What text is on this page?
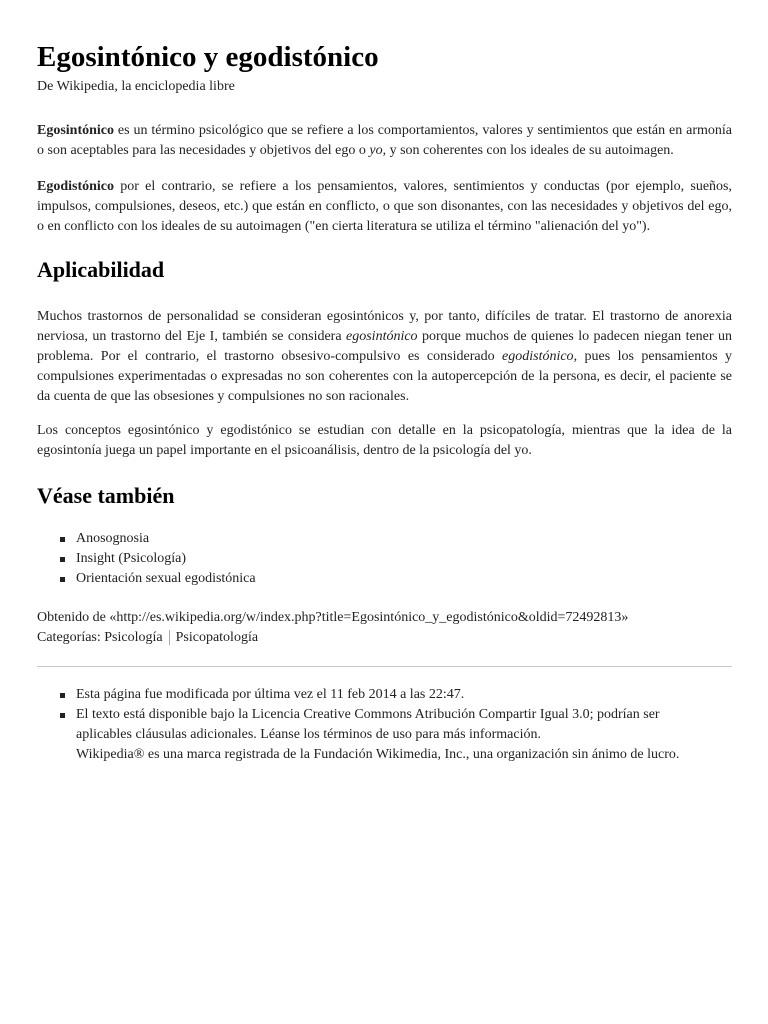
Egosintónico y egodistónico
De Wikipedia, la enciclopedia libre

Egosintónico es un término psicológico que se refiere a los comportamientos, valores y sentimientos que están en armonía o son aceptables para las necesidades y objetivos del ego o yo, y son coherentes con los ideales de su autoimagen.

Egodistónico por el contrario, se refiere a los pensamientos, valores, sentimientos y conductas (por ejemplo, sueños, impulsos, compulsiones, deseos, etc.) que están en conflicto, o que son disonantes, con las necesidades y objetivos del ego, o en conflicto con los ideales de su autoimagen ("en cierta literatura se utiliza el término "alienación del yo").

Aplicabilidad

Muchos trastornos de personalidad se consideran egosintónicos y, por tanto, difíciles de tratar. El trastorno de anorexia nerviosa, un trastorno del Eje I, también se considera egosintónico porque muchos de quienes lo padecen niegan tener un problema. Por el contrario, el trastorno obsesivo-compulsivo es considerado egodistónico, pues los pensamientos y compulsiones experimentadas o expresadas no son coherentes con la autopercepción de la persona, es decir, el paciente se da cuenta de que las obsesiones y compulsiones no son racionales.

Los conceptos egosintónico y egodistónico se estudian con detalle en la psicopatología, mientras que la idea de la egosintonía juega un papel importante en el psicoanálisis, dentro de la psicología del yo.

Véase también
Anosognosia
Insight (Psicología)
Orientación sexual egodistónica
Obtenido de «http://es.wikipedia.org/w/index.php?title=Egosintónico_y_egodistónico&oldid=72492813»
Categorías: Psicología Psicopatología
Esta página fue modificada por última vez el 11 feb 2014 a las 22:47.
El texto está disponible bajo la Licencia Creative Commons Atribución Compartir Igual 3.0; podrían ser
aplicables cláusulas adicionales. Léanse los términos de uso para más información.
Wikipedia® es una marca registrada de la Fundación Wikimedia, Inc., una organización sin ánimo de lucro.
